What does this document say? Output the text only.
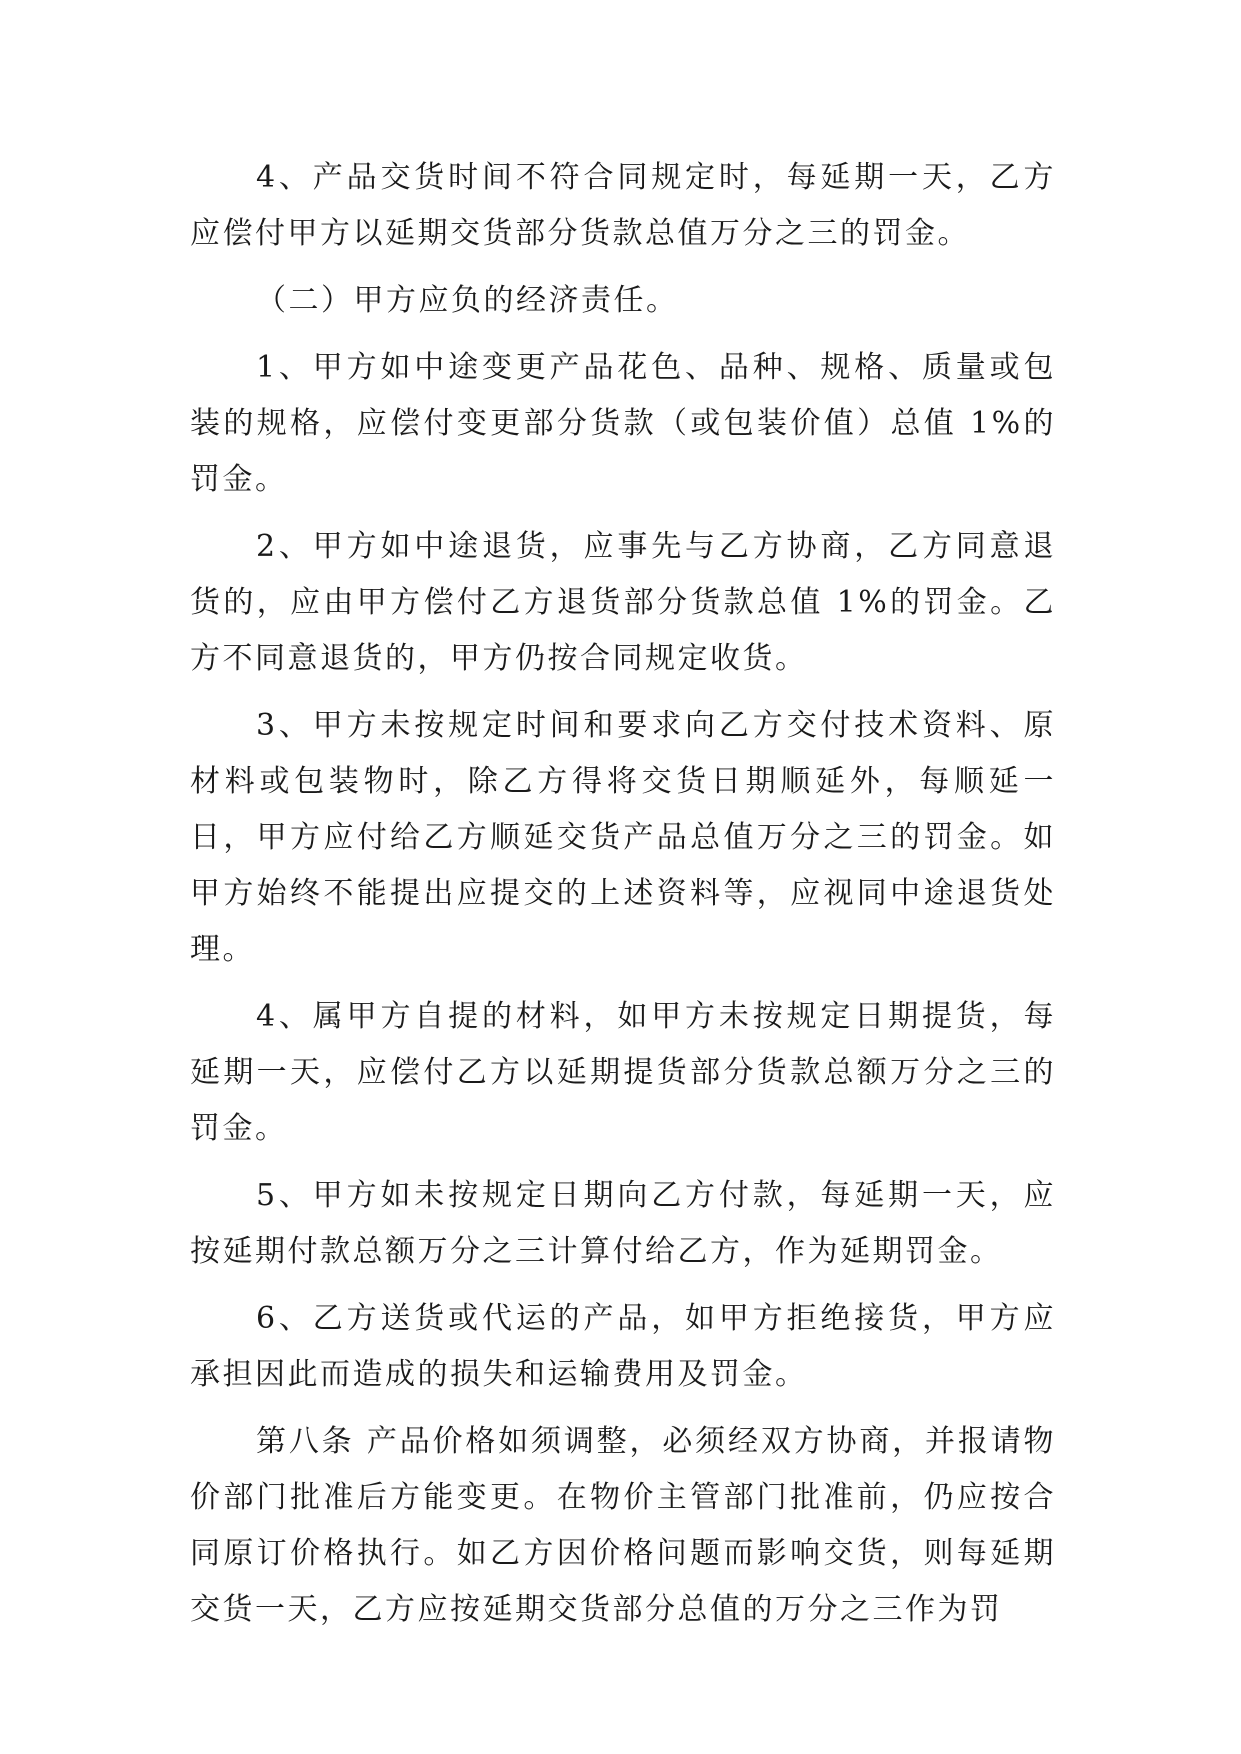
4、产品交货时间不符合同规定时，每延期一天，乙方应偿付甲方以延期交货部分货款总值万分之三的罚金。

（二）甲方应负的经济责任。

1、甲方如中途变更产品花色、品种、规格、质量或包装的规格，应偿付变更部分货款（或包装价值）总值 1%的罚金。

2、甲方如中途退货，应事先与乙方协商，乙方同意退货的，应由甲方偿付乙方退货部分货款总值 1%的罚金。乙方不同意退货的，甲方仍按合同规定收货。

3、甲方未按规定时间和要求向乙方交付技术资料、原材料或包装物时，除乙方得将交货日期顺延外，每顺延一日，甲方应付给乙方顺延交货产品总值万分之三的罚金。如甲方始终不能提出应提交的上述资料等，应视同中途退货处理。

4、属甲方自提的材料，如甲方未按规定日期提货，每延期一天，应偿付乙方以延期提货部分货款总额万分之三的罚金。

5、甲方如未按规定日期向乙方付款，每延期一天，应按延期付款总额万分之三计算付给乙方，作为延期罚金。

6、乙方送货或代运的产品，如甲方拒绝接货，甲方应承担因此而造成的损失和运输费用及罚金。

第八条 产品价格如须调整，必须经双方协商，并报请物价部门批准后方能变更。在物价主管部门批准前，仍应按合同原订价格执行。如乙方因价格问题而影响交货，则每延期交货一天，乙方应按延期交货部分总值的万分之三作为罚
